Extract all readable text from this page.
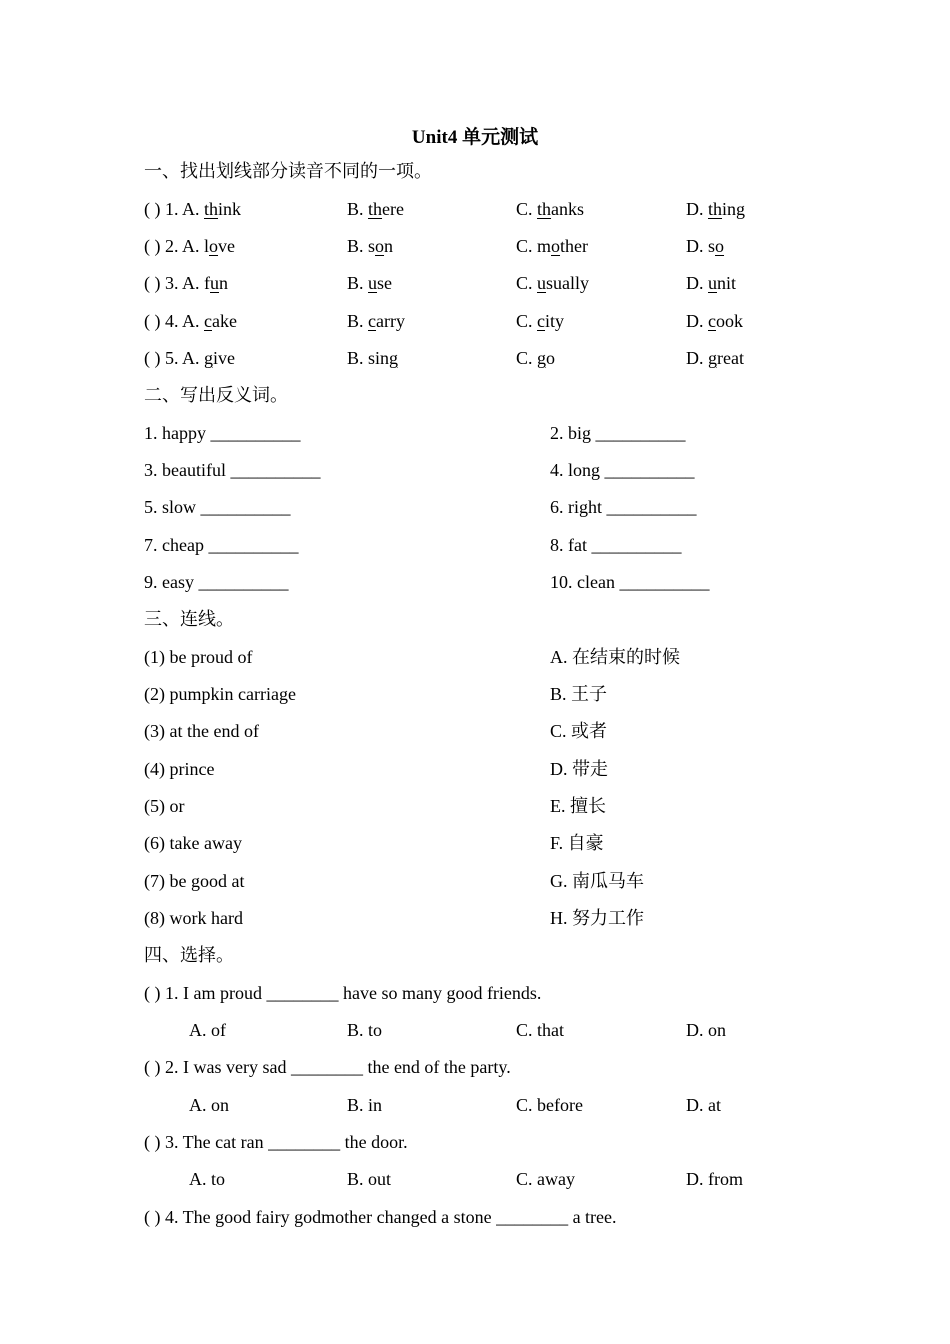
Unit4 单元测试
一、找出划线部分读音不同的一项。
( ) 1. A. think	B. there	C. thanks	D. thing
( ) 2. A. love	B. son	C. mother	D. so
( ) 3. A. fun	B. use	C. usually	D. unit
( ) 4. A. cake	B. carry	C. city	D. cook
( ) 5. A. give	B. sing	C. go	D. great
二、写出反义词。
1. happy __________	2. big __________
3. beautiful __________	4. long __________
5. slow __________	6. right __________
7. cheap __________	8. fat __________
9. easy __________	10. clean __________
三、连线。
(1) be proud of	A. 在结束的时候
(2) pumpkin carriage	B. 王子
(3) at the end of	C. 或者
(4) prince	D. 带走
(5) or	E. 擅长
(6) take away	F. 自豪
(7) be good at	G. 南瓜马车
(8) work hard	H. 努力工作
四、选择。
( ) 1. I am proud ________ have so many good friends.
A. of	B. to	C. that	D. on
( ) 2. I was very sad ________ the end of the party.
A. on	B. in	C. before	D. at
( ) 3. The cat ran ________ the door.
A. to	B. out	C. away	D. from
( ) 4. The good fairy godmother changed a stone ________ a tree.
